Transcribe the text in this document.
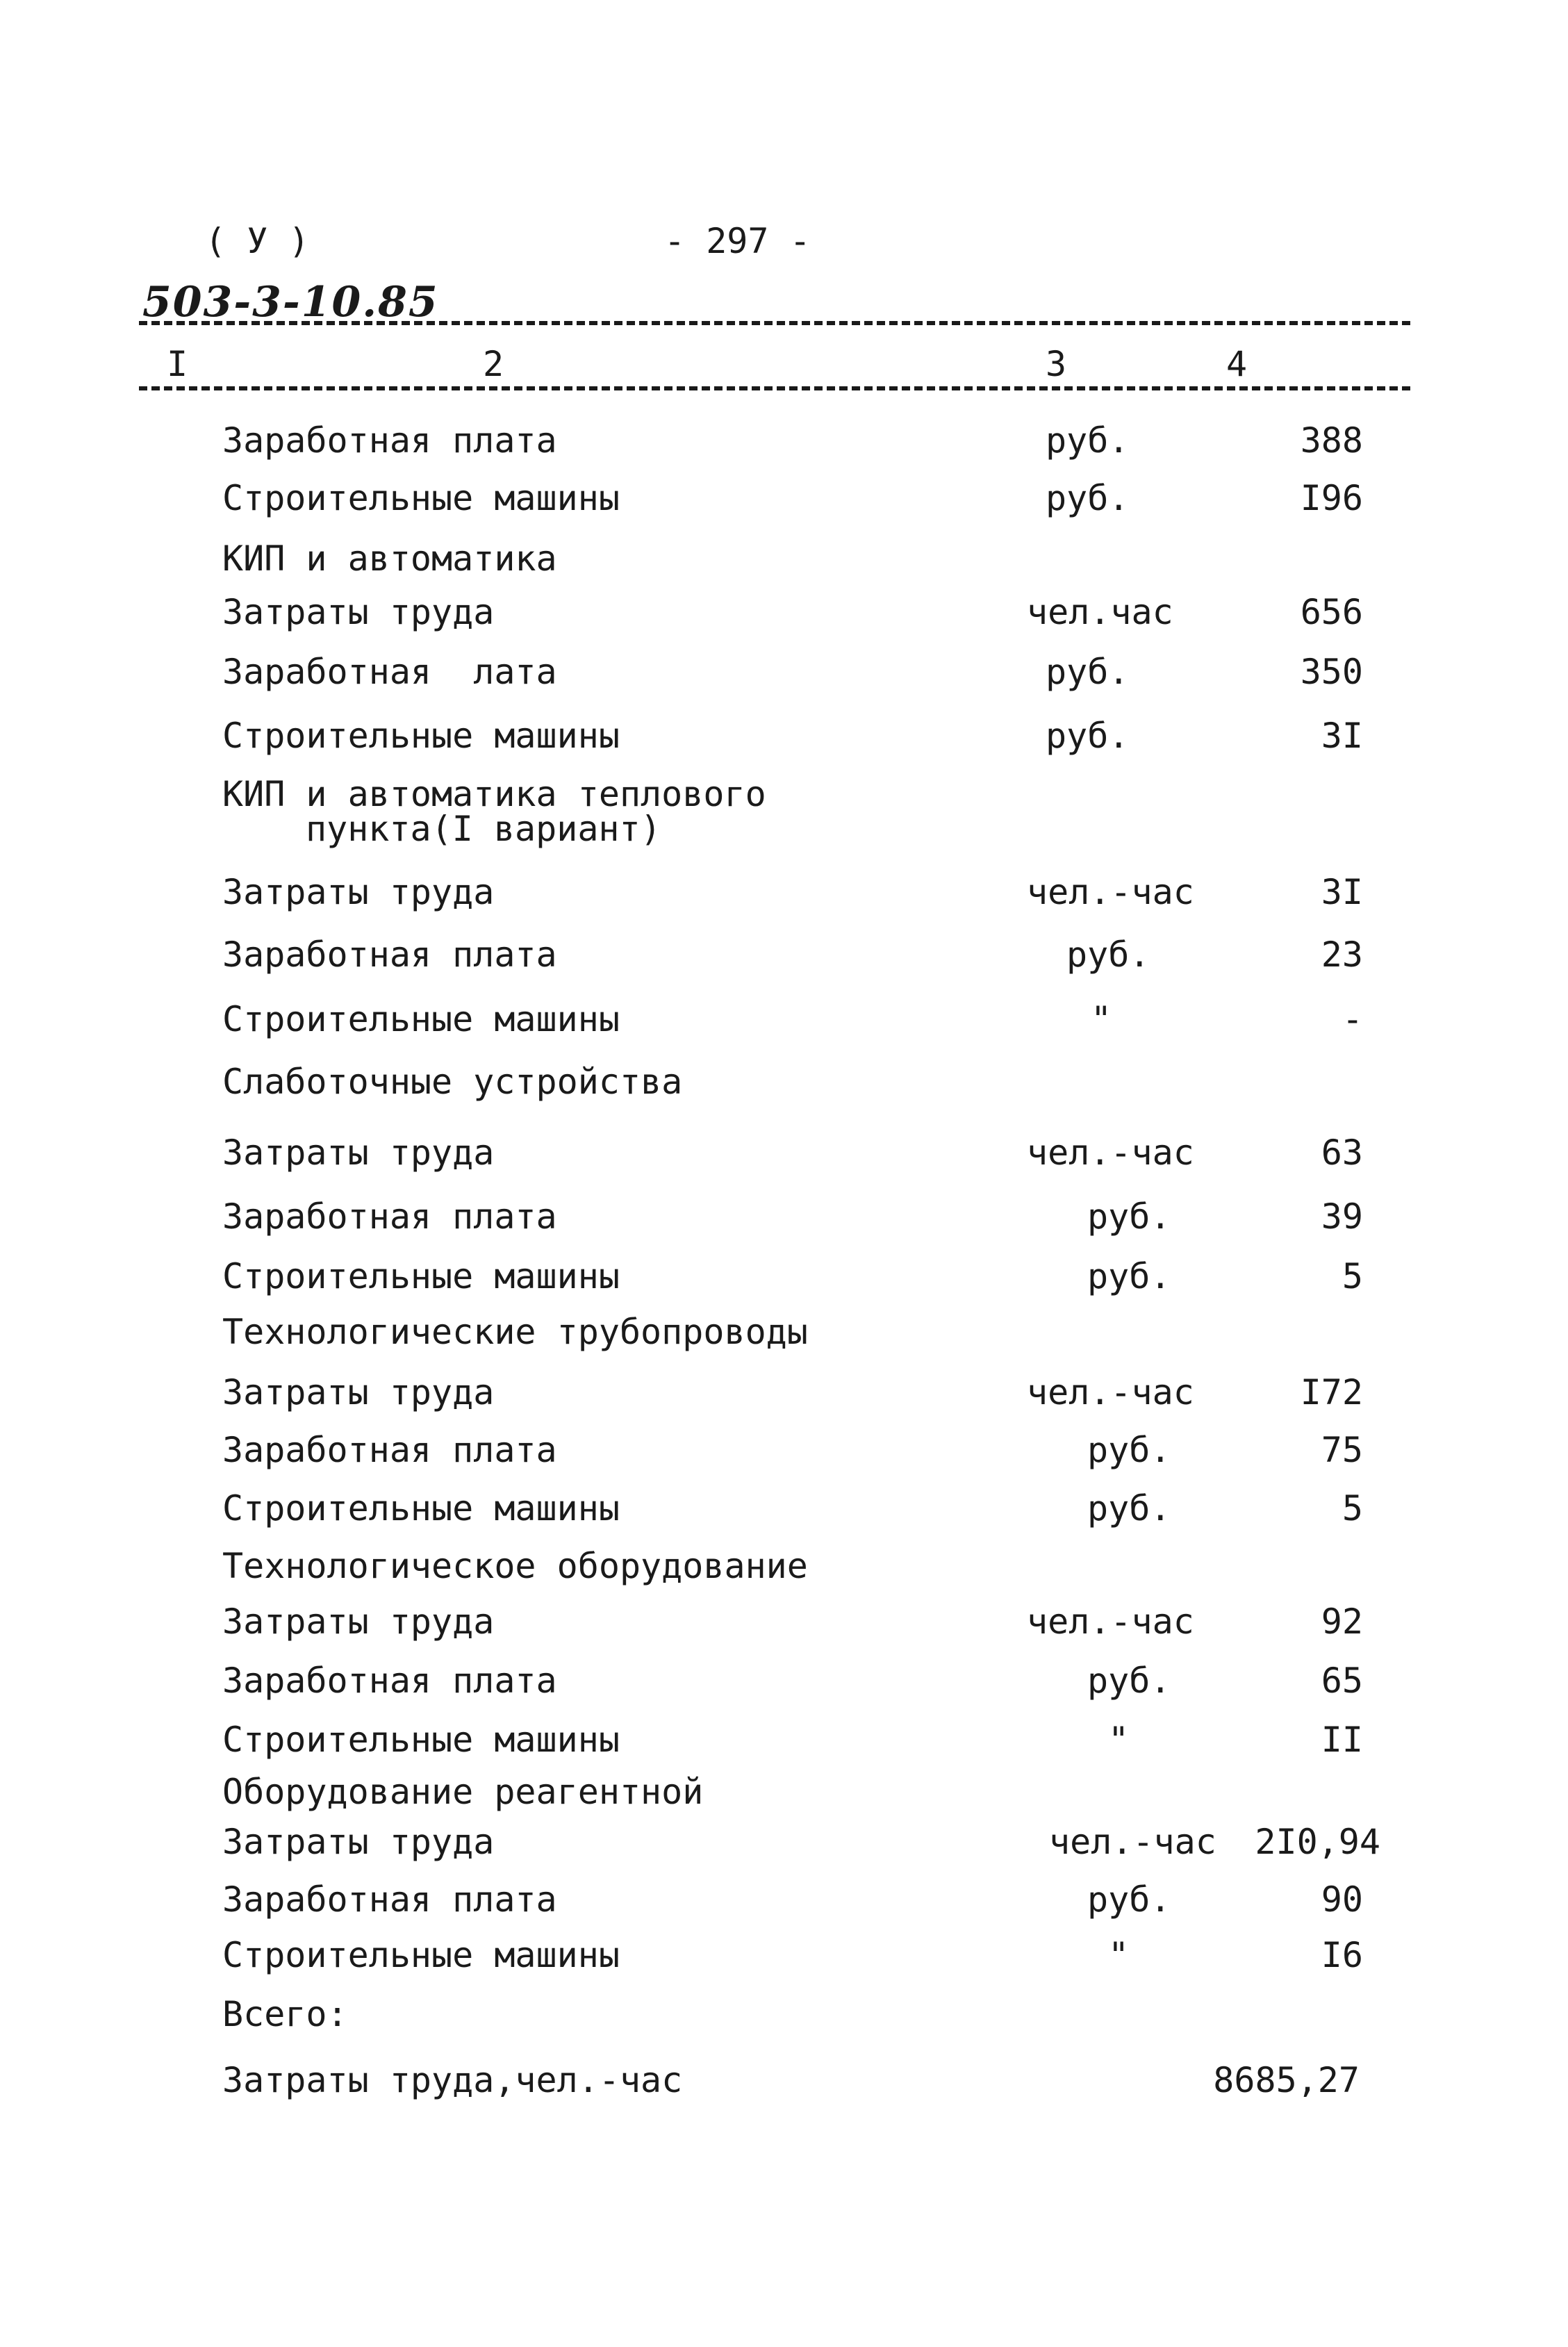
( У )	- 297 -
503-3-10.85
I	2	3	4
Заработная плата	руб.	388
Строительные машины	руб.	I96
КИП и автоматика
Затраты труда	чел.час	656
Заработная  лата	руб.	350
Строительные машины	руб.	3I
КИП и автоматика теплового
пункта(I вариант)
Затраты труда	чел.-час	3I
Заработная плата	руб.	23
Строительные машины	"	-
Слаботочные устройства
Затраты труда	чел.-час	63
Заработная плата	руб.	39
Строительные машины	руб.	5
Технологические трубопроводы
Затраты труда	чел.-час	I72
Заработная плата	руб.	75
Строительные машины	руб.	5
Технологическое оборудование
Затраты труда	чел.-час	92
Заработная плата	руб.	65
Строительные машины	"	II
Оборудование реагентной
Затраты труда	чел.-час	2I0,94
Заработная плата	руб.	90
Строительные машины	"	I6
Всего:
Затраты труда,чел.-час	8685,27
